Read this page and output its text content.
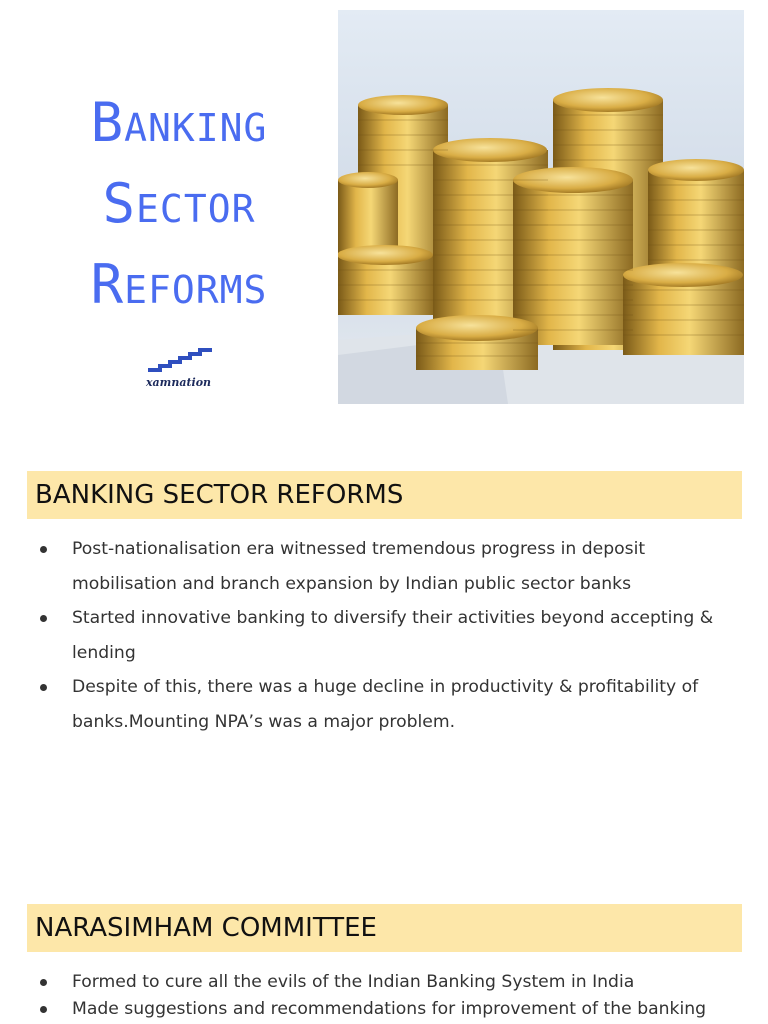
Banking
Sector
Reforms
xamnation
BANKING SECTOR REFORMS
Post-nationalisation era witnessed tremendous progress in deposit mobilisation and branch expansion by Indian public sector banks
Started innovative banking to diversify their activities beyond accepting & lending
Despite of this, there was a huge decline in productivity & profitability of banks.Mounting NPA’s was a major problem.
NARASIMHAM COMMITTEE
Formed to cure all the evils of the Indian Banking System in India
Made suggestions and recommendations for improvement of the banking
